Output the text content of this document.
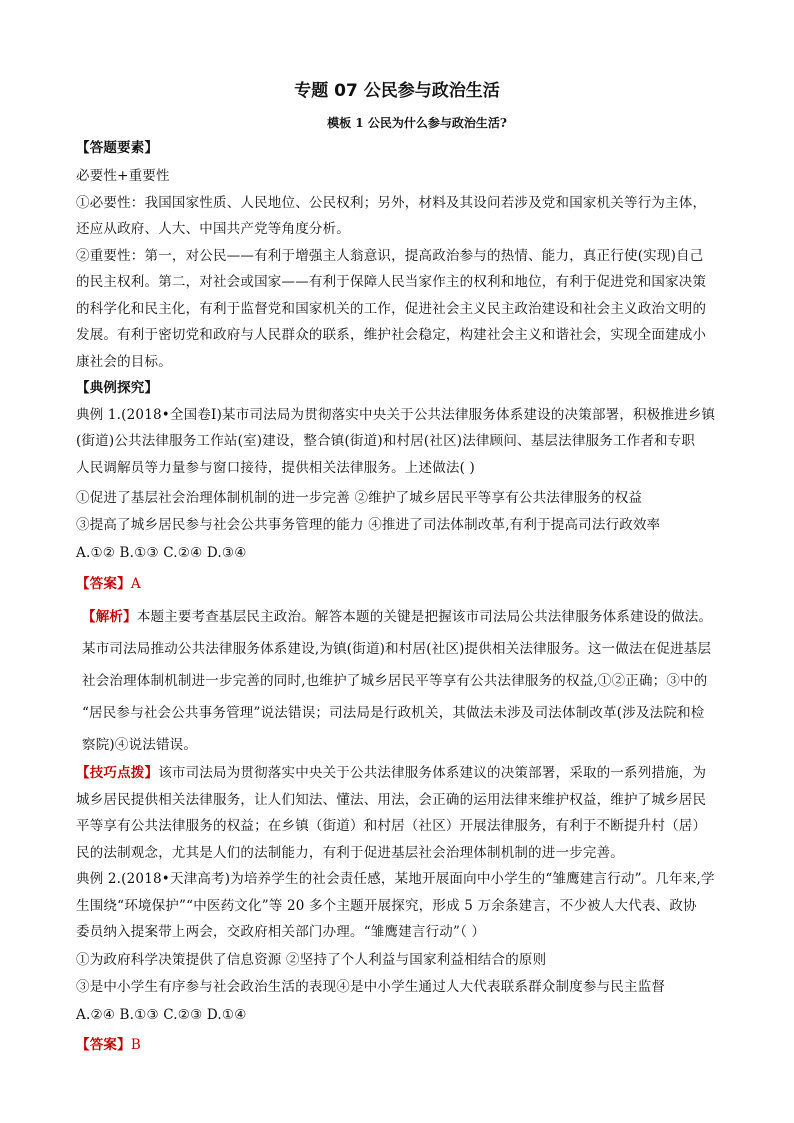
专题 07 公民参与政治生活
模板 1 公民为什么参与政治生活?
【答题要素】
必要性+重要性
①必要性：我国国家性质、人民地位、公民权利；另外，材料及其设问若涉及党和国家机关等行为主体，
还应从政府、人大、中国共产党等角度分析。
②重要性：第一，对公民——有利于增强主人翁意识，提高政治参与的热情、能力，真正行使(实现)自己
的民主权利。第二，对社会或国家——有利于保障人民当家作主的权利和地位，有利于促进党和国家决策
的科学化和民主化，有利于监督党和国家机关的工作，促进社会主义民主政治建设和社会主义政治文明的
发展。有利于密切党和政府与人民群众的联系，维护社会稳定，构建社会主义和谐社会，实现全面建成小
康社会的目标。
【典例探究】
典例 1.(2018•全国卷Ⅰ)某市司法局为贯彻落实中央关于公共法律服务体系建设的决策部署，积极推进乡镇
(街道)公共法律服务工作站(室)建设，整合镇(街道)和村居(社区)法律顾问、基层法律服务工作者和专职
人民调解员等力量参与窗口接待，提供相关法律服务。上述做法( )
①促进了基层社会治理体制机制的进一步完善 ②维护了城乡居民平等享有公共法律服务的权益
③提高了城乡居民参与社会公共事务管理的能力 ④推进了司法体制改革,有利于提高司法行政效率
A.①② B.①③ C.②④ D.③④
【答案】A
【解析】本题主要考查基层民主政治。解答本题的关键是把握该市司法局公共法律服务体系建设的做法。
某市司法局推动公共法律服务体系建设,为镇(街道)和村居(社区)提供相关法律服务。这一做法在促进基层
社会治理体制机制进一步完善的同时,也维护了城乡居民平等享有公共法律服务的权益,①②正确；③中的
“居民参与社会公共事务管理”说法错误；司法局是行政机关，其做法未涉及司法体制改革(涉及法院和检
察院)④说法错误。
【技巧点拨】该市司法局为贯彻落实中央关于公共法律服务体系建议的决策部署，采取的一系列措施，为
城乡居民提供相关法律服务，让人们知法、懂法、用法，会正确的运用法律来维护权益，维护了城乡居民
平等享有公共法律服务的权益；在乡镇（街道）和村居（社区）开展法律服务，有利于不断提升村（居）
民的法制观念，尤其是人们的法制能力，有利于促进基层社会治理体制机制的进一步完善。
典例 2.(2018•天津高考)为培养学生的社会责任感，某地开展面向中小学生的“雏鹰建言行动”。几年来,学
生围绕“环境保护”“中医药文化”等 20 多个主题开展探究，形成 5 万余条建言，不少被人大代表、政协
委员纳入提案带上两会，交政府相关部门办理。“雏鹰建言行动”（ ）
①为政府科学决策提供了信息资源 ②坚持了个人利益与国家利益相结合的原则
③是中小学生有序参与社会政治生活的表现④是中小学生通过人大代表联系群众制度参与民主监督
A.②④ B.①③ C.②③ D.①④
【答案】B
